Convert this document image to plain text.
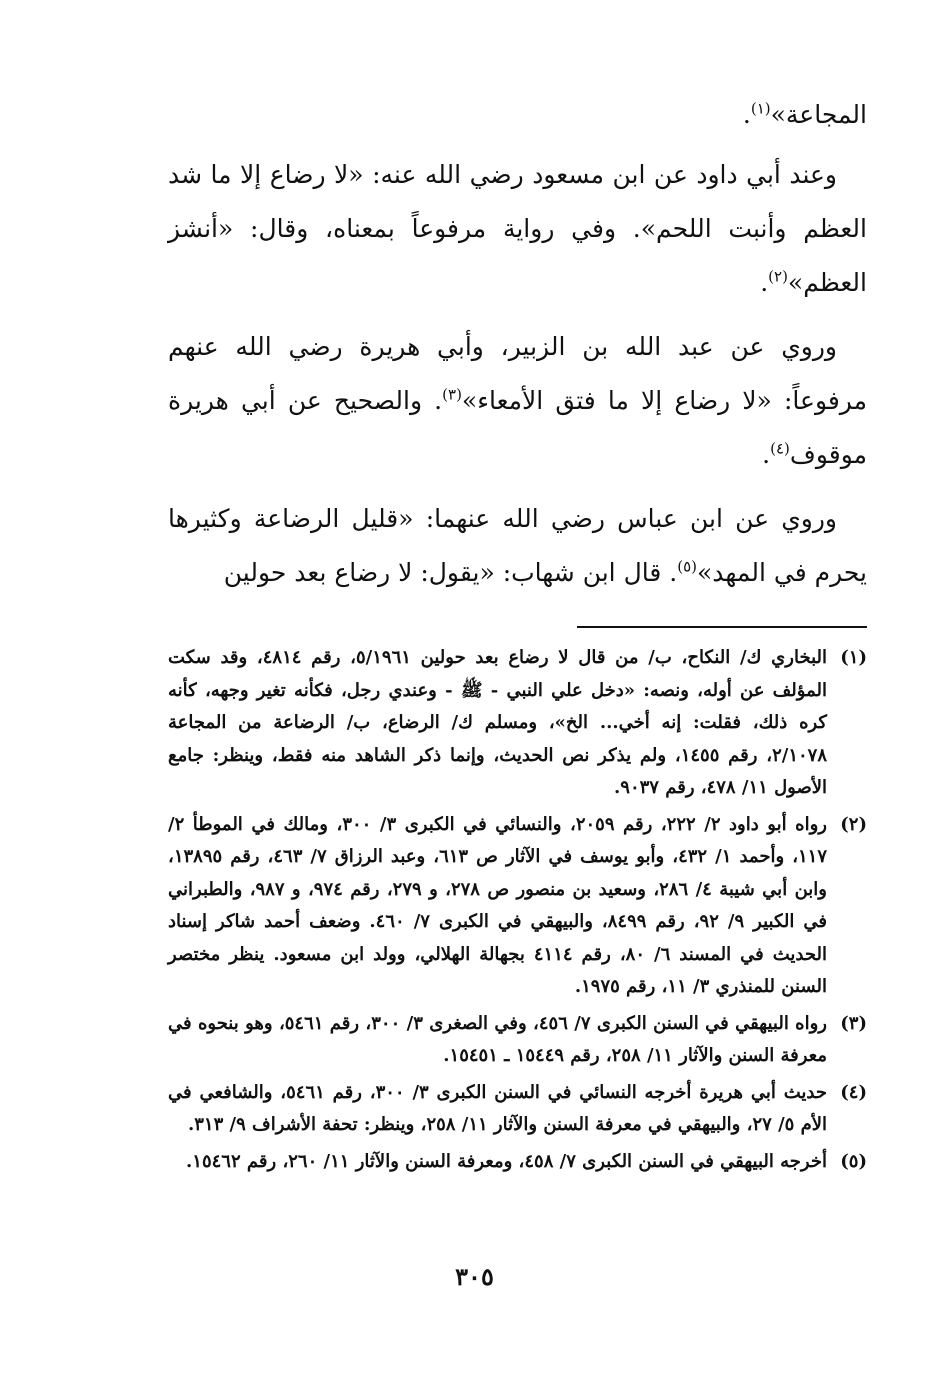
المجاعة»$^{(١)}$.

وعند أبي داود عن ابن مسعود رضي الله عنه: «لا رضاع إلا ما شد العظم وأنبت اللحم». وفي رواية مرفوعاً بمعناه، وقال: «أنشز العظم»$^{(٢)}$.

وروي عن عبد الله بن الزبير، وأبي هريرة رضي الله عنهم مرفوعاً: «لا رضاع إلا ما فتق الأمعاء»$^{(٣)}$. والصحيح عن أبي هريرة موقوف$^{(٤)}$.

وروي عن ابن عباس رضي الله عنهما: «قليل الرضاعة وكثيرها يحرم في المهد»$^{(٥)}$. قال ابن شهاب: «يقول: لا رضاع بعد حولين

(١)
البخاري ك/ النكاح، ب/ من قال لا رضاع بعد حولين ٥/١٩٦١، رقم ٤٨١٤، وقد سكت المؤلف عن أوله، ونصه: «دخل علي النبي - ﷺ - وعندي رجل، فكأنه تغير وجهه، كأنه كره ذلك، فقلت: إنه أخي... الخ»، ومسلم ك/ الرضاع، ب/ الرضاعة من المجاعة ٢/١٠٧٨، رقم ١٤٥٥، ولم يذكر نص الحديث، وإنما ذكر الشاهد منه فقط، وينظر: جامع الأصول ١١/ ٤٧٨، رقم ٩٠٣٧.
(٢)
رواه أبو داود ٢/ ٢٢٢، رقم ٢٠٥٩، والنسائي في الكبرى ٣/ ٣٠٠، ومالك في الموطأ ٢/ ١١٧، وأحمد ١/ ٤٣٢، وأبو يوسف في الآثار ص ٦١٣، وعبد الرزاق ٧/ ٤٦٣، رقم ١٣٨٩٥، وابن أبي شيبة ٤/ ٢٨٦، وسعيد بن منصور ص ٢٧٨، و ٢٧٩، رقم ٩٧٤، و ٩٨٧، والطبراني في الكبير ٩/ ٩٢، رقم ٨٤٩٩، والبيهقي في الكبرى ٧/ ٤٦٠. وضعف أحمد شاكر إسناد الحديث في المسند ٦/ ٨٠، رقم ٤١١٤ بجهالة الهلالي، وولد ابن مسعود. ينظر مختصر السنن للمنذري ٣/ ١١، رقم ١٩٧٥.
(٣)
رواه البيهقي في السنن الكبرى ٧/ ٤٥٦، وفي الصغرى ٣/ ٣٠٠، رقم ٥٤٦١، وهو بنحوه في معرفة السنن والآثار ١١/ ٢٥٨، رقم ١٥٤٤٩ ـ ١٥٤٥١.
(٤)
حديث أبي هريرة أخرجه النسائي في السنن الكبرى ٣/ ٣٠٠، رقم ٥٤٦١، والشافعي في الأم ٥/ ٢٧، والبيهقي في معرفة السنن والآثار ١١/ ٢٥٨، وينظر: تحفة الأشراف ٩/ ٣١٣.
(٥)
أخرجه البيهقي في السنن الكبرى ٧/ ٤٥٨، ومعرفة السنن والآثار ١١/ ٢٦٠، رقم ١٥٤٦٢.
٣٠٥
